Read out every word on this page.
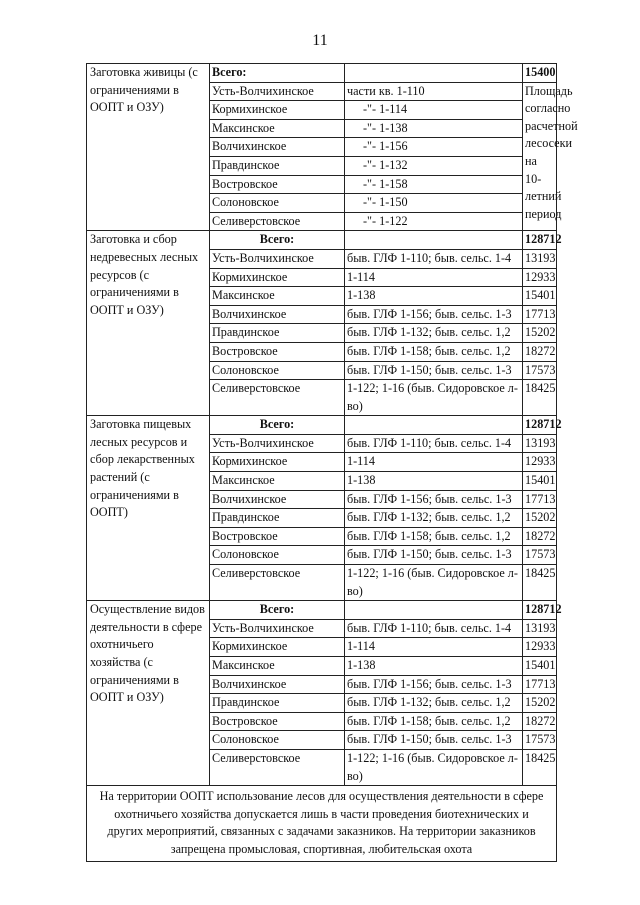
11
Заготовка живицы (с ограничениями в ООПТ и ОЗУ)	Всего:		15400
	Усть-Волчихинское	части кв. 1-110	Площадь согласно расчетной лесосеки на 10-летний период
	Кормихинское	-"- 1-114	
	Максинское	-"- 1-138	
	Волчихинское	-"- 1-156	
	Правдинское	-"- 1-132	
	Востровское	-"- 1-158	
	Солоновское	-"- 1-150	
	Селиверстовское	-"- 1-122	
Заготовка и сбор недревесных лесных ресурсов (с ограничениями в ООПТ и ОЗУ)	Всего:		128712
	Усть-Волчихинское	быв. ГЛФ 1-110; быв. сельс. 1-4	13193
	Кормихинское	1-114	12933
	Максинское	1-138	15401
	Волчихинское	быв. ГЛФ 1-156; быв. сельс. 1-3	17713
	Правдинское	быв. ГЛФ 1-132; быв. сельс. 1,2	15202
	Востровское	быв. ГЛФ 1-158; быв. сельс. 1,2	18272
	Солоновское	быв. ГЛФ 1-150; быв. сельс. 1-3	17573
	Селиверстовское	1-122; 1-16 (быв. Сидоровское л-во)	18425
Заготовка пищевых лесных ресурсов и сбор лекарственных растений (с ограничениями в ООПТ)	Всего:		128712
	Усть-Волчихинское	быв. ГЛФ 1-110; быв. сельс. 1-4	13193
	Кормихинское	1-114	12933
	Максинское	1-138	15401
	Волчихинское	быв. ГЛФ 1-156; быв. сельс. 1-3	17713
	Правдинское	быв. ГЛФ 1-132; быв. сельс. 1,2	15202
	Востровское	быв. ГЛФ 1-158; быв. сельс. 1,2	18272
	Солоновское	быв. ГЛФ 1-150; быв. сельс. 1-3	17573
	Селиверстовское	1-122; 1-16 (быв. Сидоровское л-во)	18425
Осуществление видов деятельности в сфере охотничьего хозяйства (с ограничениями в ООПТ и ОЗУ)	Всего:		128712
	Усть-Волчихинское	быв. ГЛФ 1-110; быв. сельс. 1-4	13193
	Кормихинское	1-114	12933
	Максинское	1-138	15401
	Волчихинское	быв. ГЛФ 1-156; быв. сельс. 1-3	17713
	Правдинское	быв. ГЛФ 1-132; быв. сельс. 1,2	15202
	Востровское	быв. ГЛФ 1-158; быв. сельс. 1,2	18272
	Солоновское	быв. ГЛФ 1-150; быв. сельс. 1-3	17573
	Селиверстовское	1-122; 1-16 (быв. Сидоровское л-во)	18425
На территории ООПТ использование лесов для осуществления деятельности в сфере охотничьего хозяйства допускается лишь в части проведения биотехнических и других мероприятий, связанных с задачами заказников. На территории заказников запрещена промысловая, спортивная, любительская охота			
